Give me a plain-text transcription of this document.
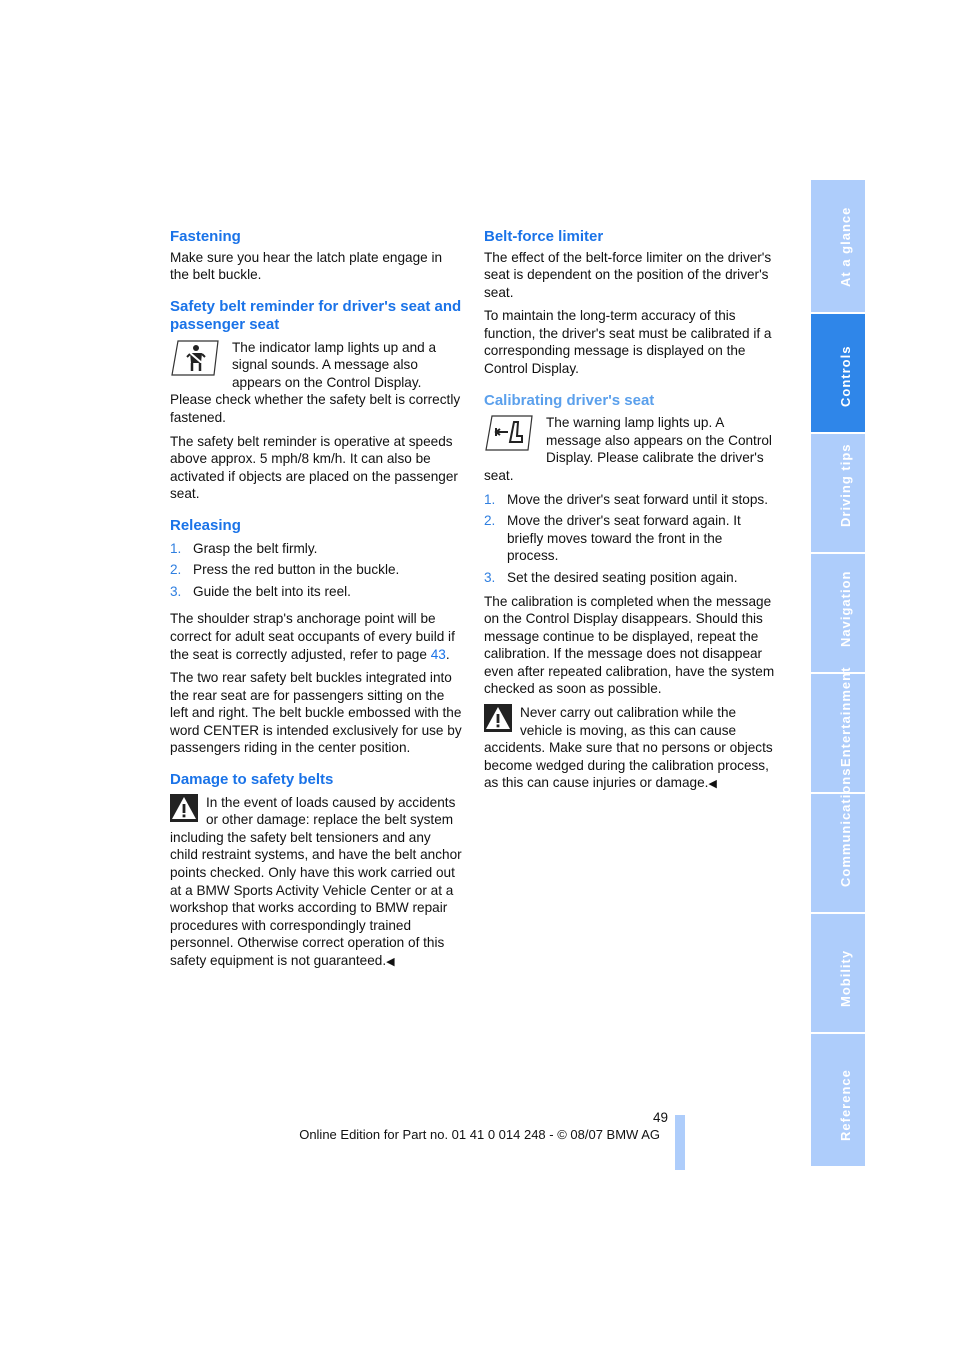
Fastening

Make sure you hear the latch plate engage in the belt buckle.

Safety belt reminder for driver's seat and passenger seat

The indicator lamp lights up and a signal sounds. A message also appears on the Control Display. Please check whether the safety belt is correctly fastened.

The safety belt reminder is operative at speeds above approx. 5 mph/8 km/h. It can also be activated if objects are placed on the passenger seat.

Releasing
1. Grasp the belt firmly.
2. Press the red button in the buckle.
3. Guide the belt into its reel.

The shoulder strap's anchorage point will be correct for adult seat occupants of every build if the seat is correctly adjusted, refer to page 43.

The two rear safety belt buckles integrated into the rear seat are for passengers sitting on the left and right. The belt buckle embossed with the word CENTER is intended exclusively for use by passengers riding in the center position.

Damage to safety belts

In the event of loads caused by accidents or other damage: replace the belt system including the safety belt tensioners and any child restraint systems, and have the belt anchor points checked. Only have this work carried out at a BMW Sports Activity Vehicle Center or at a workshop that works according to BMW repair procedures with correspondingly trained personnel. Otherwise correct operation of this safety equipment is not guaranteed.◀

Belt-force limiter

The effect of the belt-force limiter on the driver's seat is dependent on the position of the driver's seat.

To maintain the long-term accuracy of this function, the driver's seat must be calibrated if a corresponding message is displayed on the Control Display.

Calibrating driver's seat

The warning lamp lights up. A message also appears on the Control Display. Please calibrate the driver's seat.

1. Move the driver's seat forward until it stops.
2. Move the driver's seat forward again. It briefly moves toward the front in the process.
3. Set the desired seating position again.

The calibration is completed when the message on the Control Display disappears. Should this message continue to be displayed, repeat the calibration. If the message does not disappear even after repeated calibration, have the system checked as soon as possible.

Never carry out calibration while the vehicle is moving, as this can cause accidents. Make sure that no persons or objects become wedged during the calibration process, as this can cause injuries or damage.◀

At a glance
Controls
Driving tips
Navigation
Entertainment
Communications
Mobility
Reference
49
Online Edition for Part no. 01 41 0 014 248 - © 08/07 BMW AG
